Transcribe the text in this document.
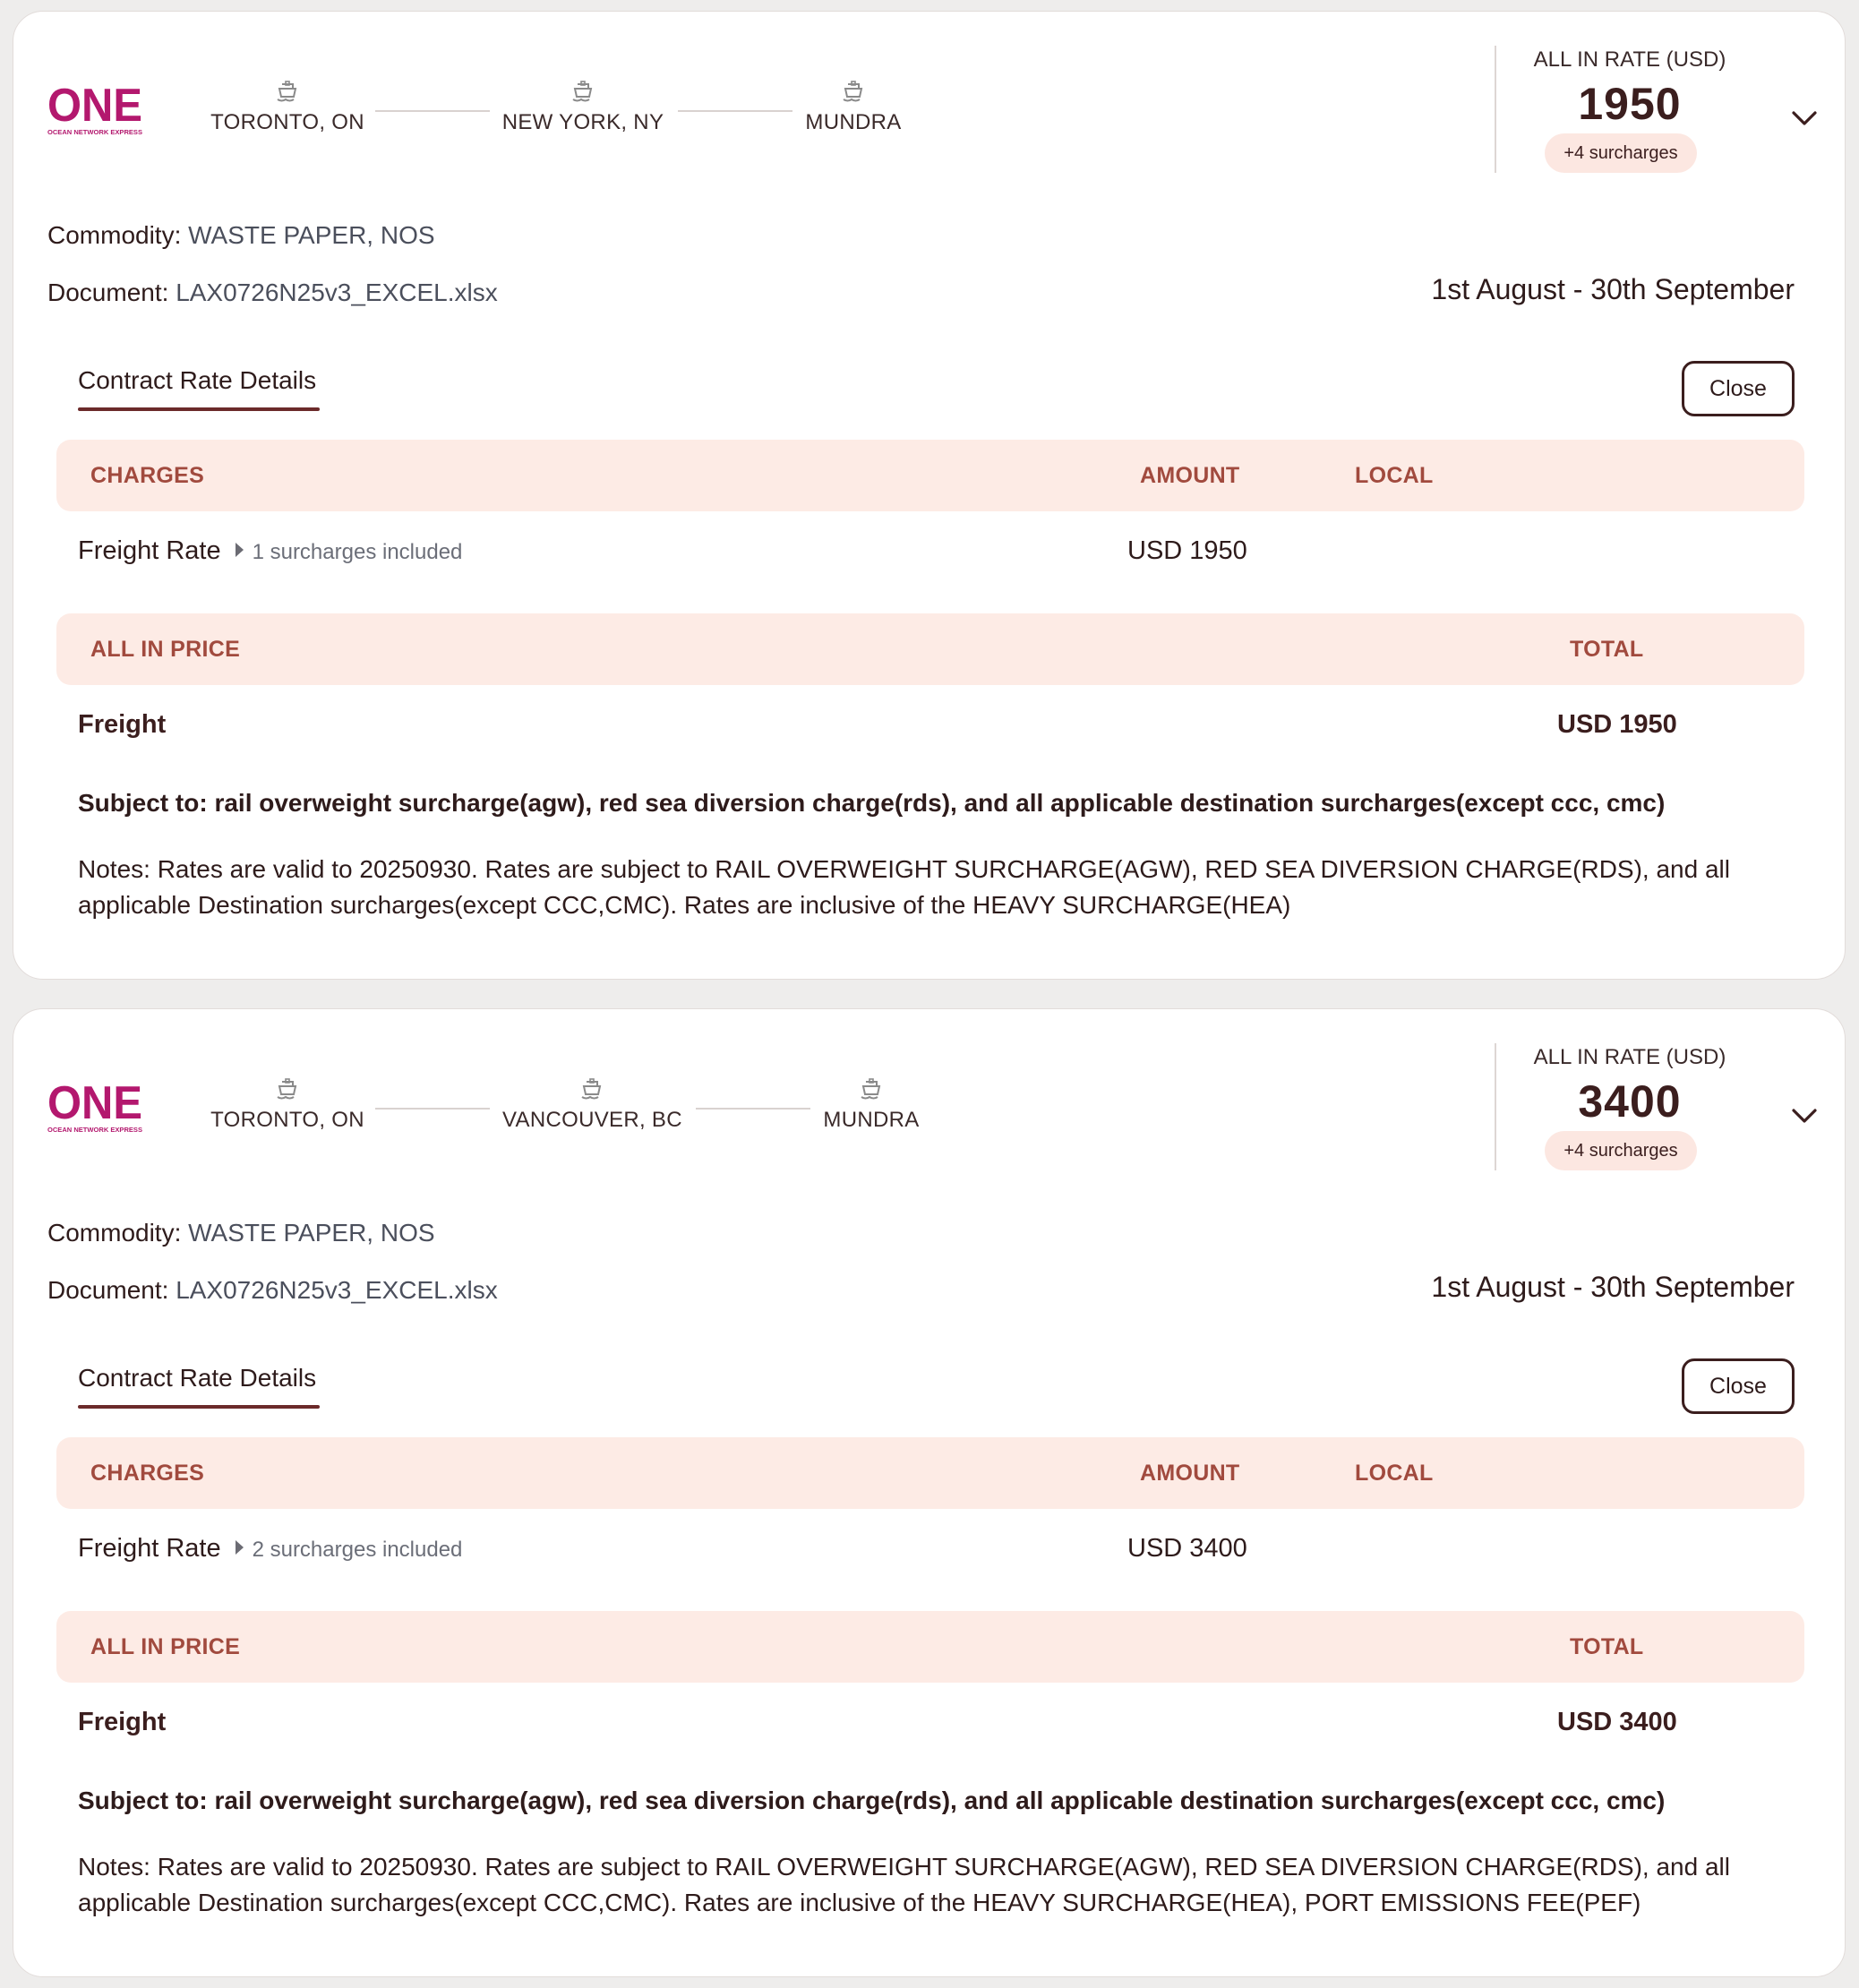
ONE
OCEAN NETWORK EXPRESS	TORONTO, ON	NEW YORK, NY	MUNDRA
ALL IN RATE (USD)
1950
+4 surcharges
Commodity: WASTE PAPER, NOS
Document: LAX0726N25v3_EXCEL.xlsx	1st August - 30th September
Contract Rate Details	Close
CHARGES	AMOUNT	LOCAL
Freight Rate 1 surcharges included	USD 1950
ALL IN PRICE	TOTAL
Freight	USD 1950
Subject to: rail overweight surcharge(agw), red sea diversion charge(rds), and all applicable destination surcharges(except ccc, cmc)
Notes: Rates are valid to 20250930. Rates are subject to RAIL OVERWEIGHT SURCHARGE(AGW), RED SEA DIVERSION CHARGE(RDS), and all applicable Destination surcharges(except CCC,CMC). Rates are inclusive of the HEAVY SURCHARGE(HEA)
ONE
OCEAN NETWORK EXPRESS	TORONTO, ON	VANCOUVER, BC	MUNDRA
ALL IN RATE (USD)
3400
+4 surcharges
Commodity: WASTE PAPER, NOS
Document: LAX0726N25v3_EXCEL.xlsx	1st August - 30th September
Contract Rate Details	Close
CHARGES	AMOUNT	LOCAL
Freight Rate 2 surcharges included	USD 3400
ALL IN PRICE	TOTAL
Freight	USD 3400
Subject to: rail overweight surcharge(agw), red sea diversion charge(rds), and all applicable destination surcharges(except ccc, cmc)
Notes: Rates are valid to 20250930. Rates are subject to RAIL OVERWEIGHT SURCHARGE(AGW), RED SEA DIVERSION CHARGE(RDS), and all applicable Destination surcharges(except CCC,CMC). Rates are inclusive of the HEAVY SURCHARGE(HEA), PORT EMISSIONS FEE(PEF)
